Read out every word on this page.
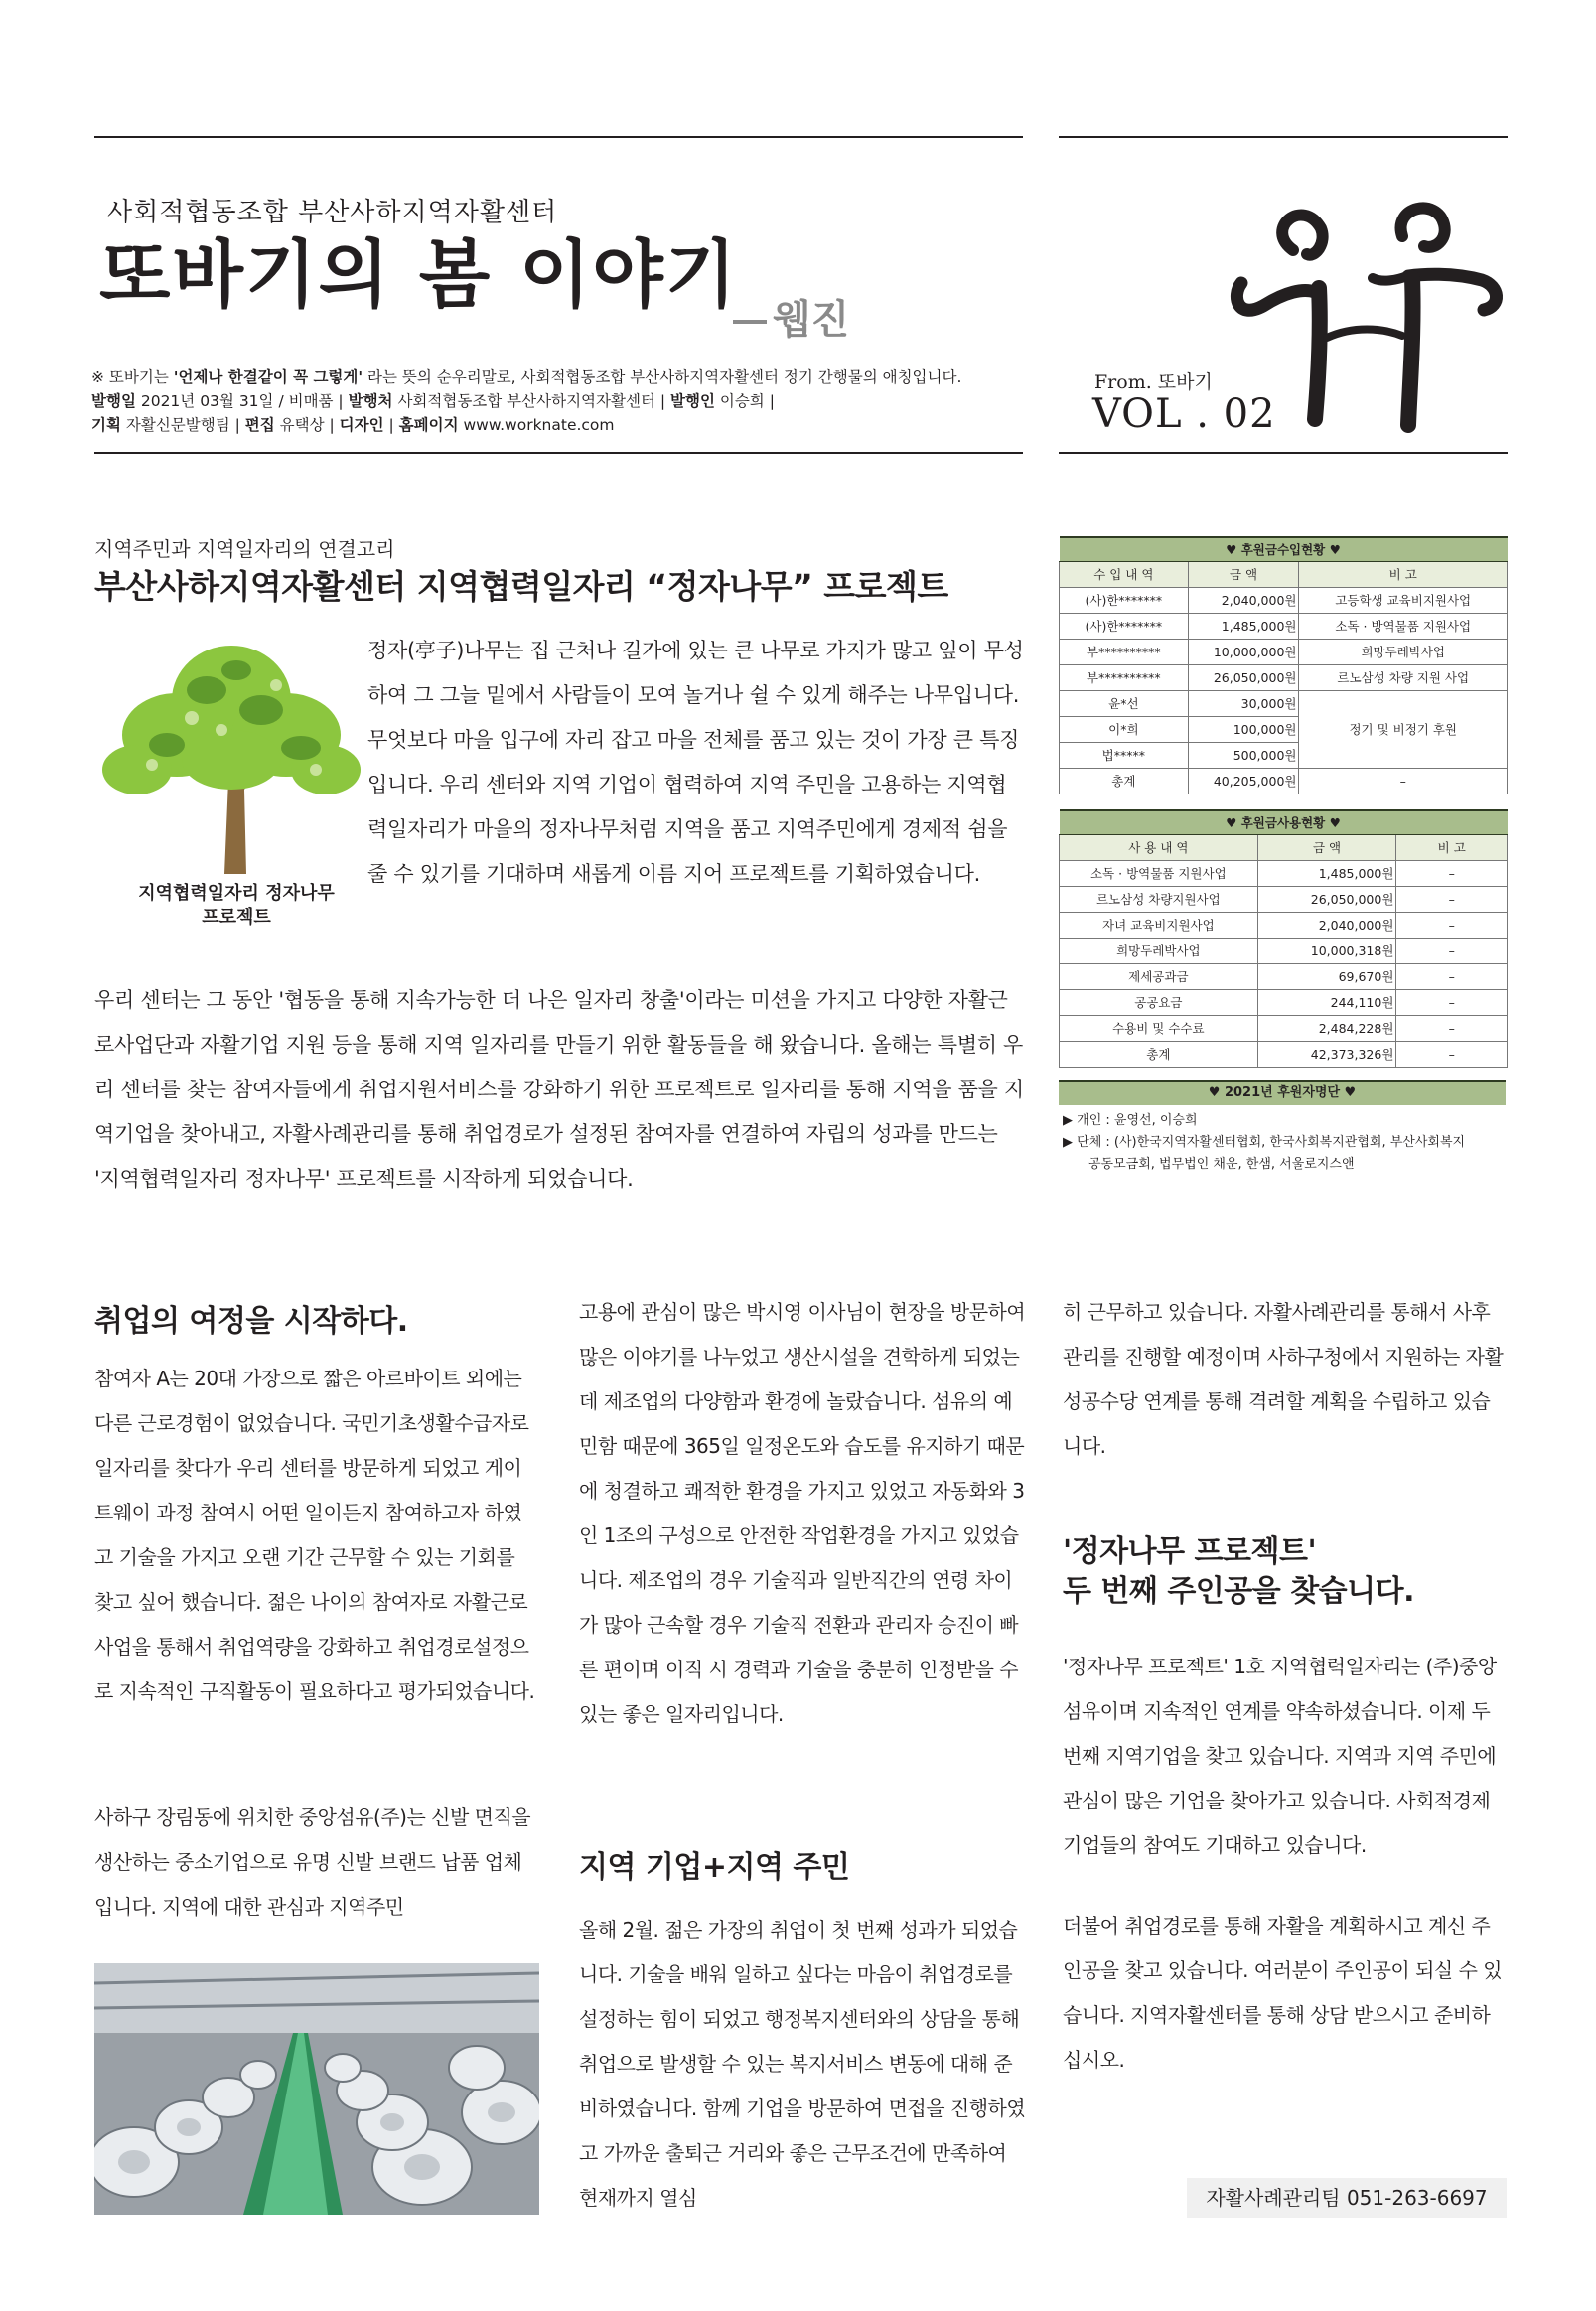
사회적협동조합 부산사하지역자활센터
또바기의 봄 이야기
웹진
※ 또바기는 '언제나 한결같이 꼭 그렇게' 라는 뜻의 순우리말로, 사회적협동조합 부산사하지역자활센터 정기 간행물의 애칭입니다.
발행일 2021년 03월 31일 / 비매품 | 발행처 사회적협동조합 부산사하지역자활센터 | 발행인 이승희 |
기획 자활신문발행팀 | 편집 유택상 | 디자인 | 홈페이지 www.worknate.com
From. 또바기
VOL . 02
지역주민과 지역일자리의 연결고리
부산사하지역자활센터 지역협력일자리 “정자나무” 프로젝트
지역협력일자리 정자나무
프로젝트

정자(亭子)나무는 집 근처나 길가에 있는 큰 나무로 가지가 많고 잎이 무성하여 그 그늘 밑에서 사람들이 모여 놀거나 쉴 수 있게 해주는 나무입니다. 무엇보다 마을 입구에 자리 잡고 마을 전체를 품고 있는 것이 가장 큰 특징입니다. 우리 센터와 지역 기업이 협력하여 지역 주민을 고용하는 지역협력일자리가 마을의 정자나무처럼 지역을 품고 지역주민에게 경제적 쉼을 줄 수 있기를 기대하며 새롭게 이름 지어 프로젝트를 기획하였습니다.

우리 센터는 그 동안 '협동을 통해 지속가능한 더 나은 일자리 창출'이라는 미션을 가지고 다양한 자활근로사업단과 자활기업 지원 등을 통해 지역 일자리를 만들기 위한 활동들을 해 왔습니다. 올해는 특별히 우리 센터를 찾는 참여자들에게 취업지원서비스를 강화하기 위한 프로젝트로 일자리를 통해 지역을 품을 지역기업을 찾아내고, 자활사례관리를 통해 취업경로가 설정된 참여자를 연결하여 자립의 성과를 만드는 '지역협력일자리 정자나무' 프로젝트를 시작하게 되었습니다.

♥ 후원금수입현황 ♥		
수 입 내 역	금 액	비 고
(사)한*******	2,040,000원	고등학생 교육비지원사업
(사)한*******	1,485,000원	소독 · 방역물품 지원사업
부**********	10,000,000원	희망두레박사업
부**********	26,050,000원	르노삼성 차량 지원 사업
윤*선	30,000원	정기 및 비정기 후원
이*희	100,000원	
법*****	500,000원	
총계	40,205,000원	–
♥ 후원금사용현황 ♥		
사 용 내 역	금 액	비 고
소독 · 방역물품 지원사업	1,485,000원	–
르노삼성 차량지원사업	26,050,000원	–
자녀 교육비지원사업	2,040,000원	–
희망두레박사업	10,000,318원	–
제세공과금	69,670원	–
공공요금	244,110원	–
수용비 및 수수료	2,484,228원	–
총계	42,373,326원	–
♥ 2021년 후원자명단 ♥
▶ 개인 : 윤영선, 이승희
▶ 단체 : (사)한국지역자활센터협회, 한국사회복지관협회, 부산사회복지
공동모금회, 법무법인 채운, 한샘, 서울로지스앤
취업의 여정을 시작하다.

참여자 A는 20대 가장으로 짧은 아르바이트 외에는 다른 근로경험이 없었습니다. 국민기초생활수급자로 일자리를 찾다가 우리 센터를 방문하게 되었고 게이트웨이 과정 참여시 어떤 일이든지 참여하고자 하였고 기술을 가지고 오랜 기간 근무할 수 있는 기회를 찾고 싶어 했습니다. 젊은 나이의 참여자로 자활근로사업을 통해서 취업역량을 강화하고 취업경로설정으로 지속적인 구직활동이 필요하다고 평가되었습니다.

사하구 장림동에 위치한 중앙섬유(주)는 신발 면직을 생산하는 중소기업으로 유명 신발 브랜드 납품 업체입니다. 지역에 대한 관심과 지역주민

고용에 관심이 많은 박시영 이사님이 현장을 방문하여 많은 이야기를 나누었고 생산시설을 견학하게 되었는데 제조업의 다양함과 환경에 놀랐습니다. 섬유의 예민함 때문에 365일 일정온도와 습도를 유지하기 때문에 청결하고 쾌적한 환경을 가지고 있었고 자동화와 3인 1조의 구성으로 안전한 작업환경을 가지고 있었습니다. 제조업의 경우 기술직과 일반직간의 연령 차이가 많아 근속할 경우 기술직 전환과 관리자 승진이 빠른 편이며 이직 시 경력과 기술을 충분히 인정받을 수 있는 좋은 일자리입니다.

지역 기업+지역 주민

올해 2월. 젊은 가장의 취업이 첫 번째 성과가 되었습니다. 기술을 배워 일하고 싶다는 마음이 취업경로를 설정하는 힘이 되었고 행정복지센터와의 상담을 통해 취업으로 발생할 수 있는 복지서비스 변동에 대해 준비하였습니다. 함께 기업을 방문하여 면접을 진행하였고 가까운 출퇴근 거리와 좋은 근무조건에 만족하여 현재까지 열심

히 근무하고 있습니다. 자활사례관리를 통해서 사후관리를 진행할 예정이며 사하구청에서 지원하는 자활성공수당 연계를 통해 격려할 계획을 수립하고 있습니다.

'정자나무 프로젝트'
두 번째 주인공을 찾습니다.

'정자나무 프로젝트' 1호 지역협력일자리는 (주)중앙섬유이며 지속적인 연계를 약속하셨습니다. 이제 두 번째 지역기업을 찾고 있습니다. 지역과 지역 주민에 관심이 많은 기업을 찾아가고 있습니다. 사회적경제기업들의 참여도 기대하고 있습니다.

더불어 취업경로를 통해 자활을 계획하시고 계신 주인공을 찾고 있습니다. 여러분이 주인공이 되실 수 있습니다. 지역자활센터를 통해 상담 받으시고 준비하십시오.

자활사례관리팀 051-263-6697
